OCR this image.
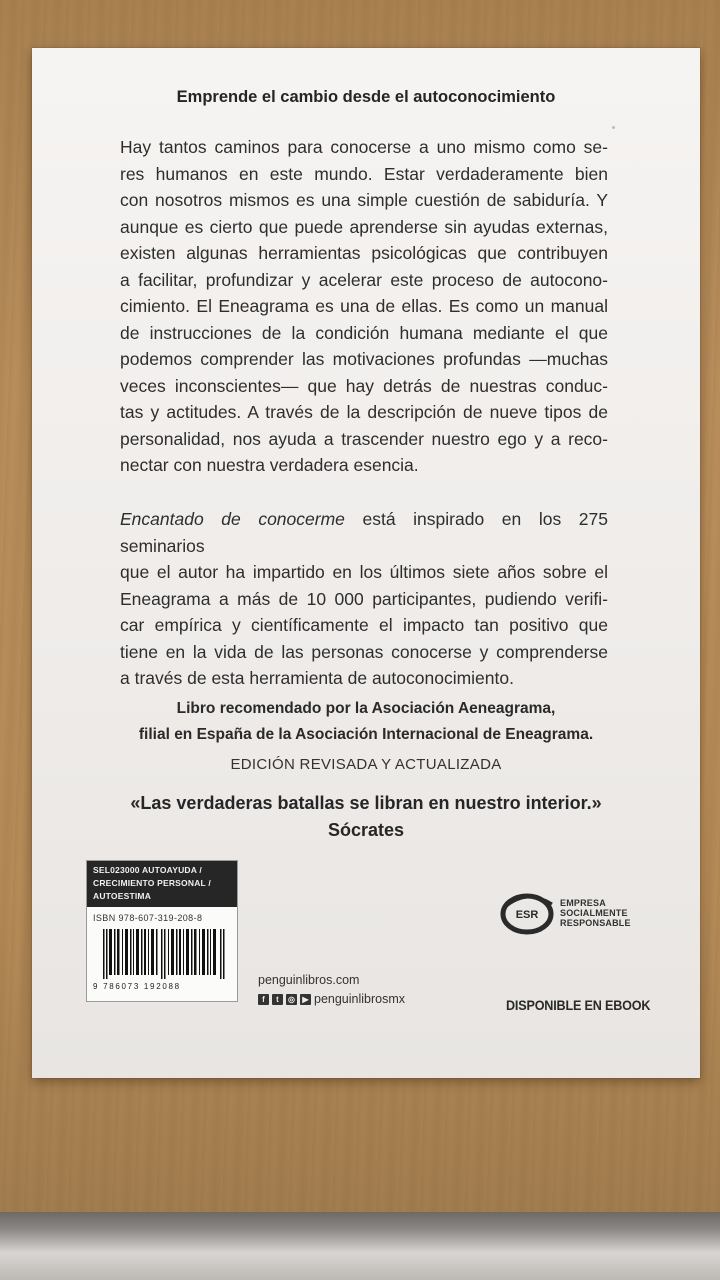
Emprende el cambio desde el autoconocimiento
Hay tantos caminos para conocerse a uno mismo como se-
res humanos en este mundo. Estar verdaderamente bien
con nosotros mismos es una simple cuestión de sabiduría. Y
aunque es cierto que puede aprenderse sin ayudas externas,
existen algunas herramientas psicológicas que contribuyen
a facilitar, profundizar y acelerar este proceso de autocono-
cimiento. El Eneagrama es una de ellas. Es como un manual
de instrucciones de la condición humana mediante el que
podemos comprender las motivaciones profundas —muchas
veces inconscientes— que hay detrás de nuestras conduc-
tas y actitudes. A través de la descripción de nueve tipos de
personalidad, nos ayuda a trascender nuestro ego y a reco-
nectar con nuestra verdadera esencia.
Encantado de conocerme está inspirado en los 275 seminarios
que el autor ha impartido en los últimos siete años sobre el
Eneagrama a más de 10 000 participantes, pudiendo verifi-
car empírica y científicamente el impacto tan positivo que
tiene en la vida de las personas conocerse y comprenderse
a través de esta herramienta de autoconocimiento.
Libro recomendado por la Asociación Aeneagrama,
filial en España de la Asociación Internacional de Eneagrama.
EDICIÓN REVISADA Y ACTUALIZADA
«Las verdaderas batallas se libran en nuestro interior.»
Sócrates
SEL023000 AUTOAYUDA /
CRECIMIENTO PERSONAL /
AUTOESTIMA
ISBN 978-607-319-208-8
9 786073 192088	penguinlibros.com
f	t	◎ ▶ penguinlibrosmx
ESR
EMPRESA
SOCIALMENTE
RESPONSABLE
DISPONIBLE EN EBOOK
